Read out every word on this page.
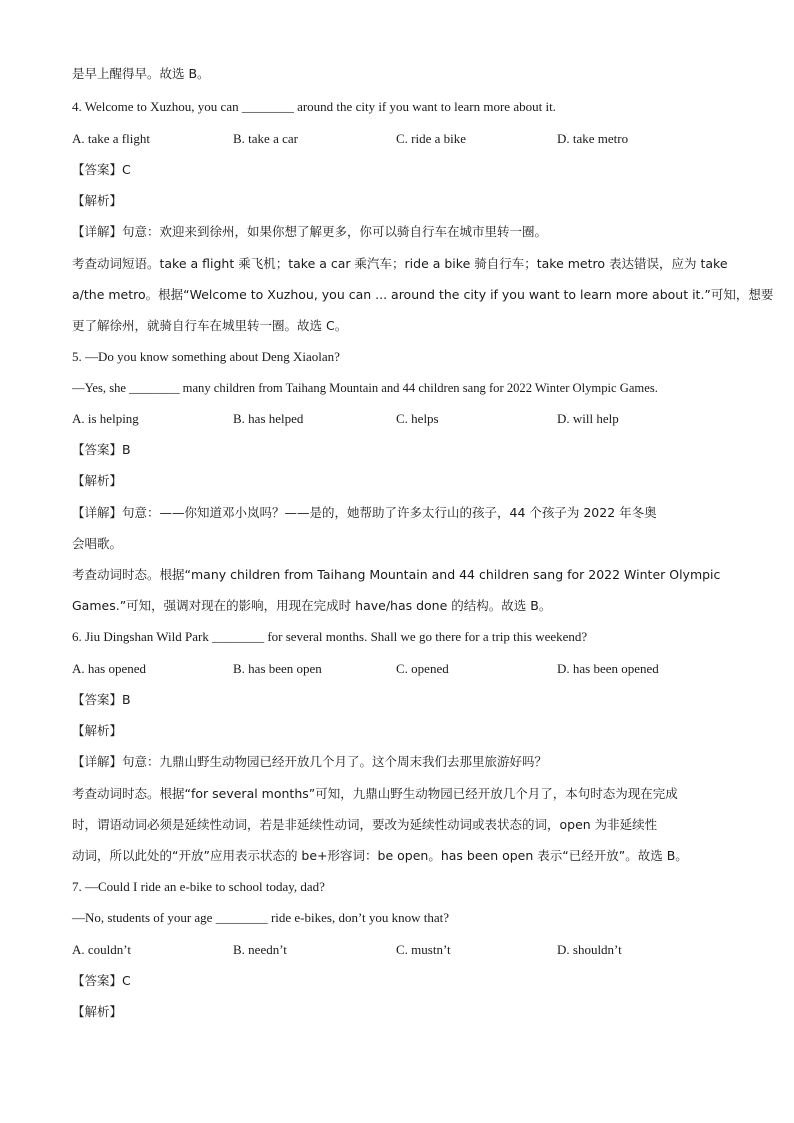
是早上醒得早。故选 B。
4. Welcome to Xuzhou, you can ________ around the city if you want to learn more about it.
A. take a flight	B. take a car	C. ride a bike	D. take metro
【答案】C
【解析】
【详解】句意：欢迎来到徐州，如果你想了解更多，你可以骑自行车在城市里转一圈。
考查动词短语。take a flight 乘飞机；take a car 乘汽车；ride a bike 骑自行车；take metro 表达错误，应为 take
a/the metro。根据“Welcome to Xuzhou, you can ... around the city if you want to learn more about it.”可知，想要
更了解徐州，就骑自行车在城里转一圈。故选 C。
5. —Do you know something about Deng Xiaolan?
—Yes, she ________ many children from Taihang Mountain and 44 children sang for 2022 Winter Olympic Games.
A. is helping	B. has helped	C. helps	D. will help
【答案】B
【解析】
【详解】句意：——你知道邓小岚吗？——是的，她帮助了许多太行山的孩子，44 个孩子为 2022 年冬奥
会唱歌。
考查动词时态。根据“many children from Taihang Mountain and 44 children sang for 2022 Winter Olympic
Games.”可知，强调对现在的影响，用现在完成时 have/has done 的结构。故选 B。
6. Jiu Dingshan Wild Park ________ for several months. Shall we go there for a trip this weekend?
A. has opened	B. has been open	C. opened	D. has been opened
【答案】B
【解析】
【详解】句意：九鼎山野生动物园已经开放几个月了。这个周末我们去那里旅游好吗？
考查动词时态。根据“for several months”可知，九鼎山野生动物园已经开放几个月了，本句时态为现在完成
时，谓语动词必须是延续性动词，若是非延续性动词，要改为延续性动词或表状态的词，open 为非延续性
动词，所以此处的“开放”应用表示状态的 be+形容词：be open。has been open 表示“已经开放”。故选 B。
7. —Could I ride an e-bike to school today, dad?
—No, students of your age ________ ride e-bikes, don’t you know that?
A. couldn’t	B. needn’t	C. mustn’t	D. shouldn’t
【答案】C
【解析】
